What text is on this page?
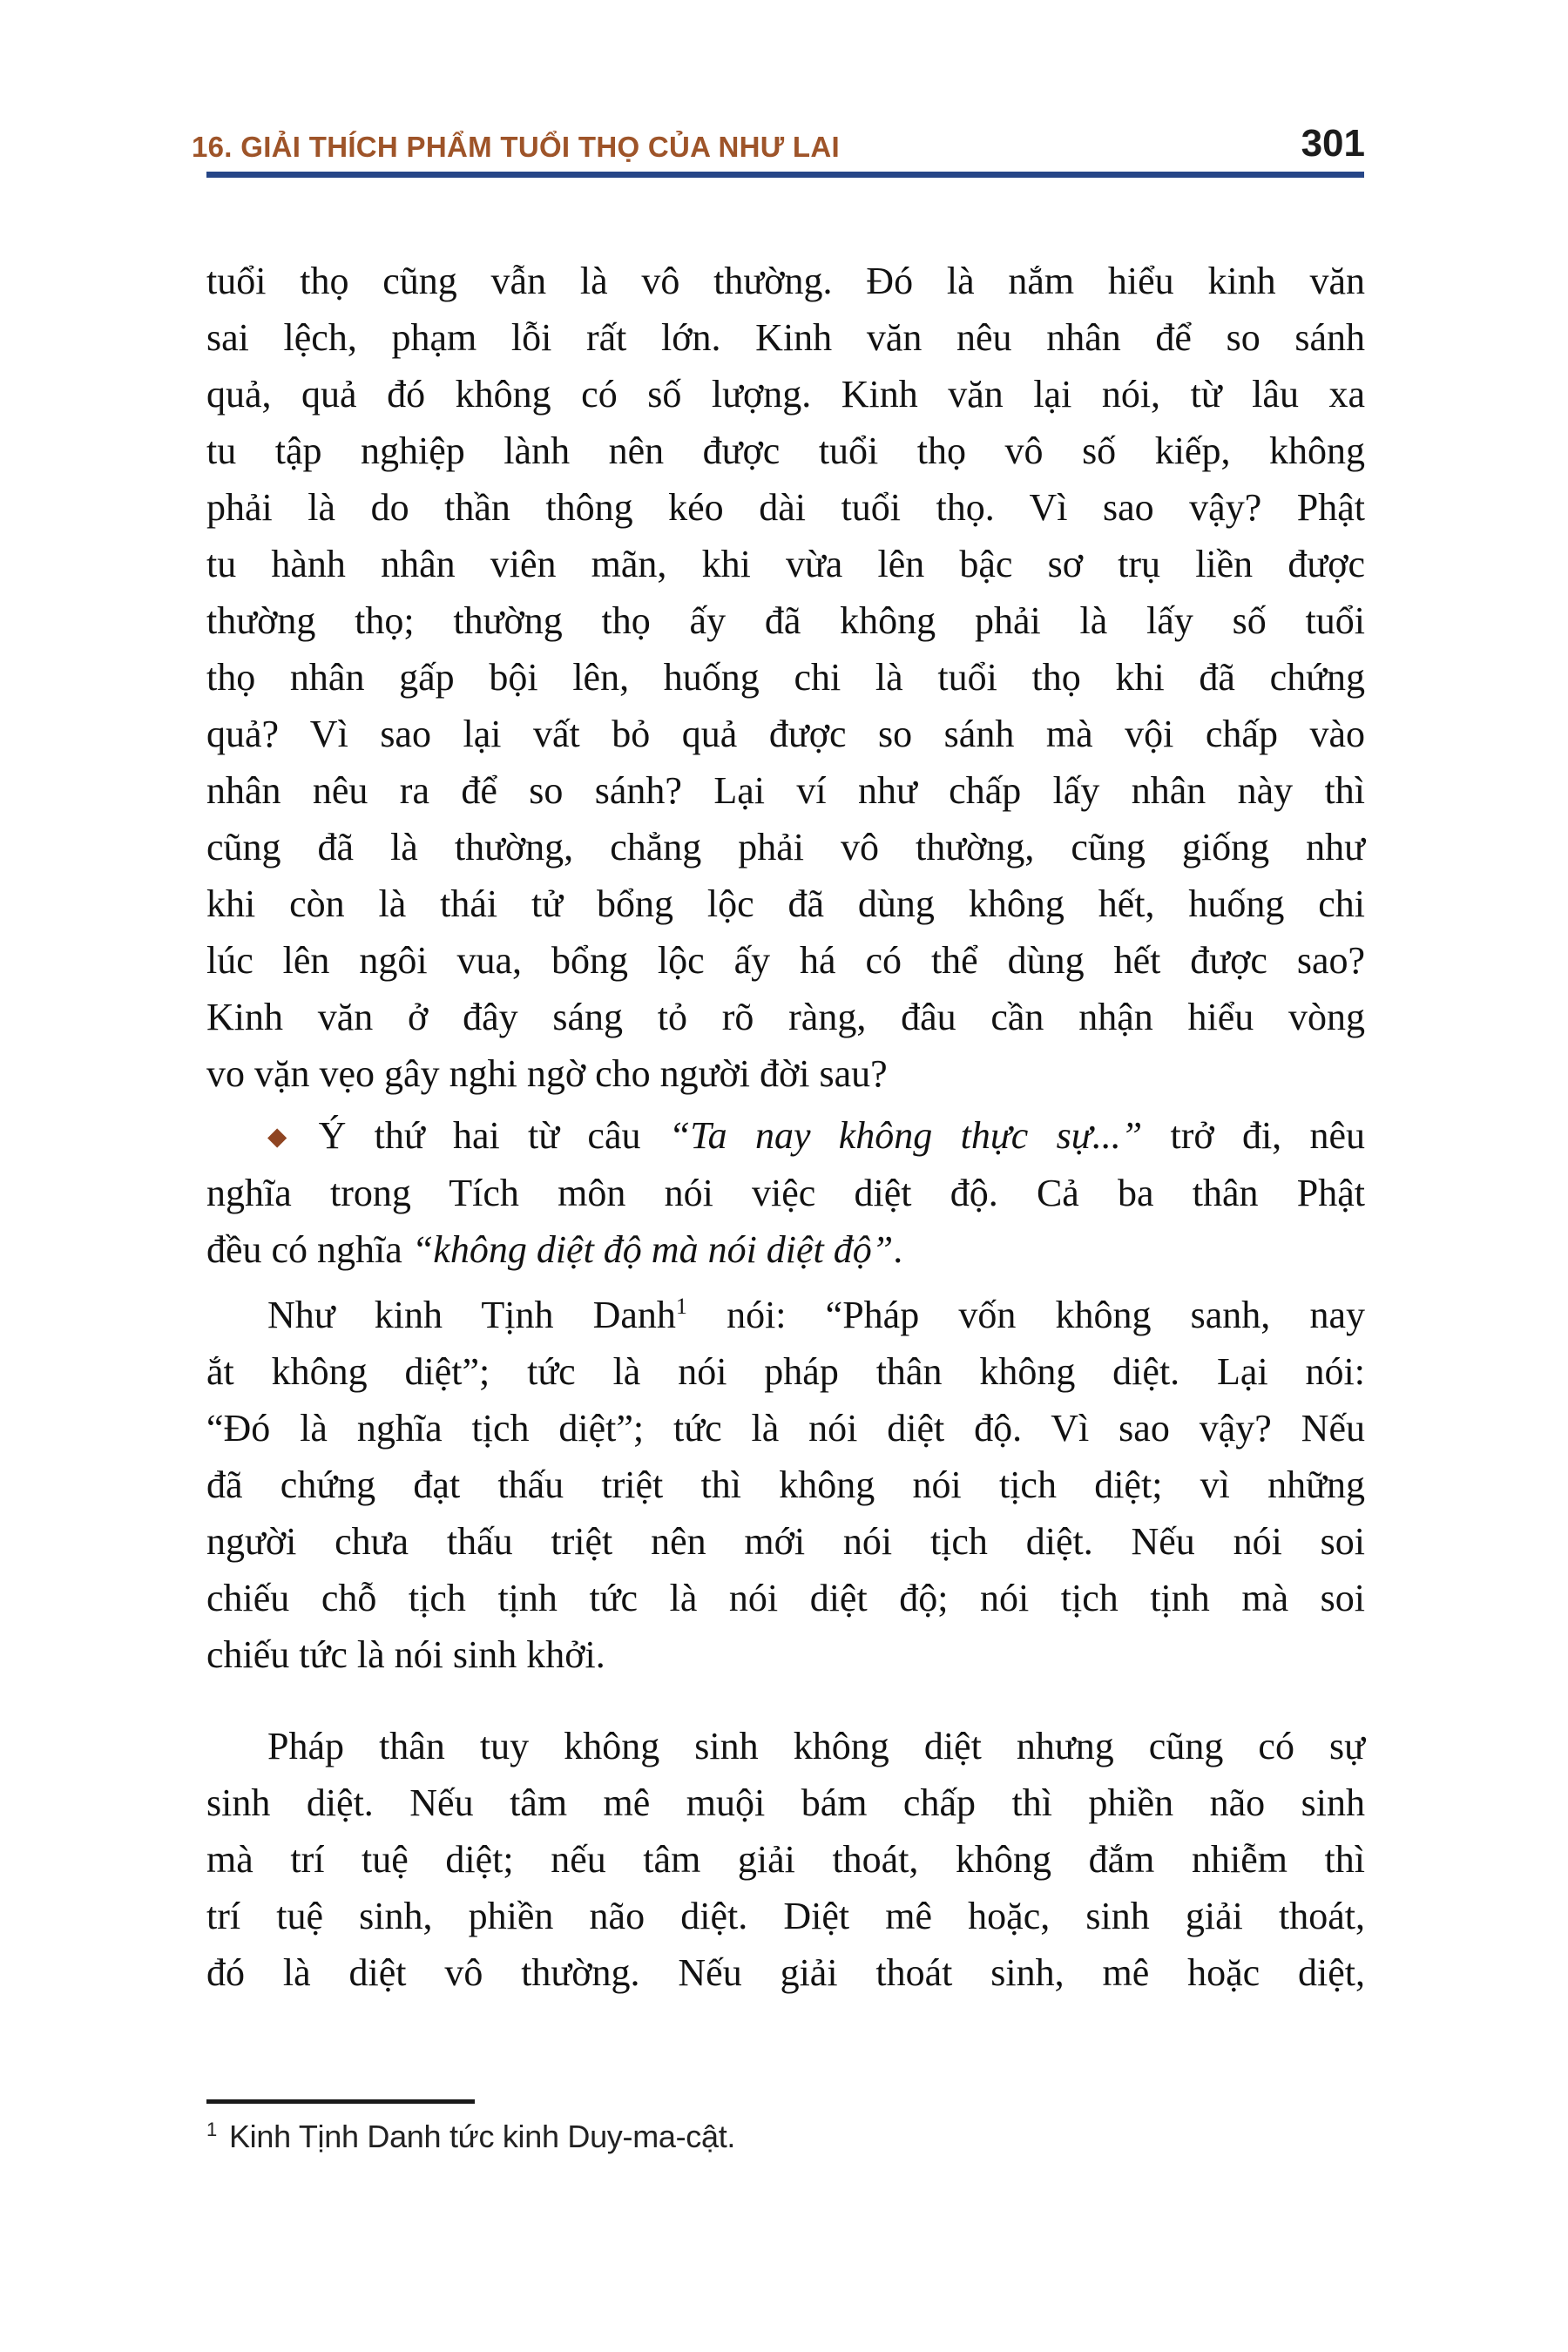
16. GIẢI THÍCH PHẨM TUỔI THỌ CỦA NHƯ LAI	301
tuổi thọ cũng vẫn là vô thường. Đó là nắm hiểu kinh văn
sai lệch, phạm lỗi rất lớn. Kinh văn nêu nhân để so sánh
quả, quả đó không có số lượng. Kinh văn lại nói, từ lâu xa
tu tập nghiệp lành nên được tuổi thọ vô số kiếp, không
phải là do thần thông kéo dài tuổi thọ. Vì sao vậy? Phật
tu hành nhân viên mãn, khi vừa lên bậc sơ trụ liền được
thường thọ; thường thọ ấy đã không phải là lấy số tuổi
thọ nhân gấp bội lên, huống chi là tuổi thọ khi đã chứng
quả? Vì sao lại vất bỏ quả được so sánh mà vội chấp vào
nhân nêu ra để so sánh? Lại ví như chấp lấy nhân này thì
cũng đã là thường, chẳng phải vô thường, cũng giống như
khi còn là thái tử bổng lộc đã dùng không hết, huống chi
lúc lên ngôi vua, bổng lộc ấy há có thể dùng hết được sao?
Kinh văn ở đây sáng tỏ rõ ràng, đâu cần nhận hiểu vòng
vo vặn vẹo gây nghi ngờ cho người đời sau?
◆ Ý thứ hai từ câu “Ta nay không thực sự...” trở đi, nêu
nghĩa trong Tích môn nói việc diệt độ. Cả ba thân Phật
đều có nghĩa “không diệt độ mà nói diệt độ”.
Như kinh Tịnh Danh$^1$ nói: “Pháp vốn không sanh, nay
ắt không diệt”; tức là nói pháp thân không diệt. Lại nói:
“Đó là nghĩa tịch diệt”; tức là nói diệt độ. Vì sao vậy? Nếu
đã chứng đạt thấu triệt thì không nói tịch diệt; vì những
người chưa thấu triệt nên mới nói tịch diệt. Nếu nói soi
chiếu chỗ tịch tịnh tức là nói diệt độ; nói tịch tịnh mà soi
chiếu tức là nói sinh khởi.
Pháp thân tuy không sinh không diệt nhưng cũng có sự
sinh diệt. Nếu tâm mê muội bám chấp thì phiền não sinh
mà trí tuệ diệt; nếu tâm giải thoát, không đắm nhiễm thì
trí tuệ sinh, phiền não diệt. Diệt mê hoặc, sinh giải thoát,
đó là diệt vô thường. Nếu giải thoát sinh, mê hoặc diệt,
$^1$ Kinh Tịnh Danh tức kinh Duy-ma-cật.
